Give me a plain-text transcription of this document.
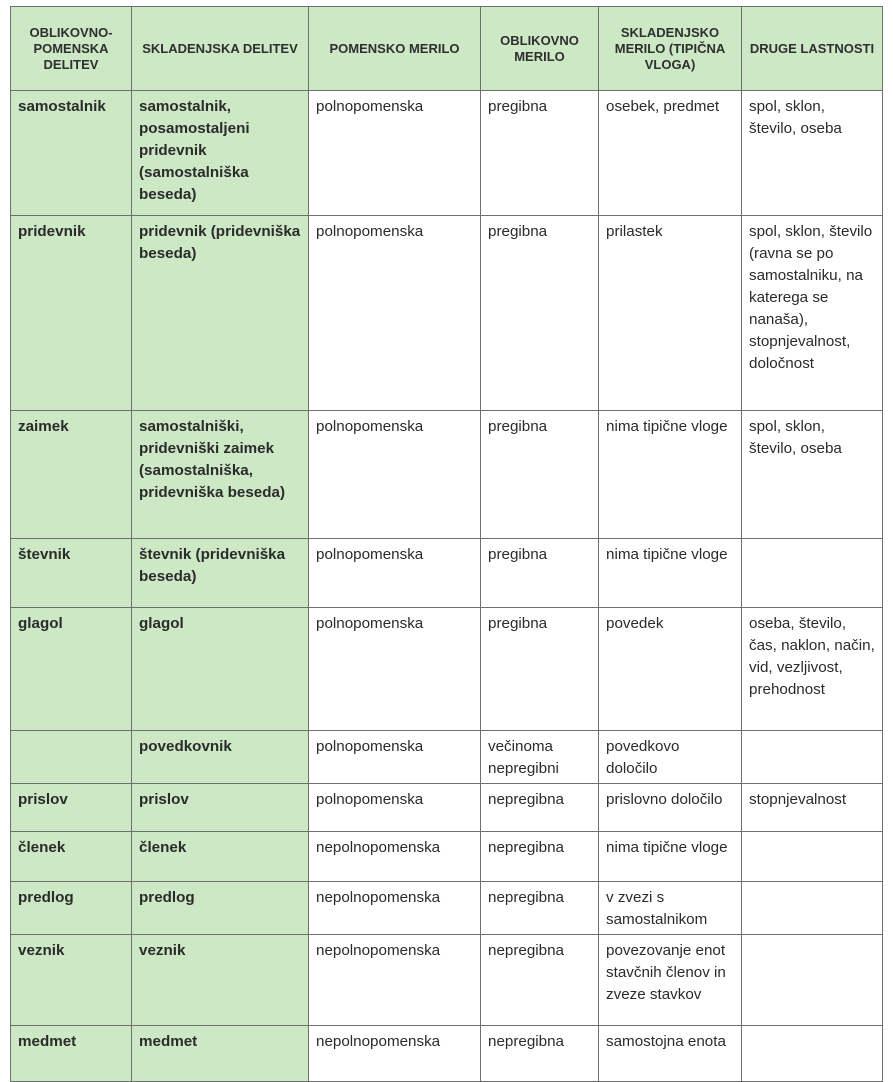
OBLIKOVNO-POMENSKA DELITEV	SKLADENJSKA DELITEV	POMENSKO MERILO	OBLIKOVNO MERILO	SKLADENJSKO MERILO (TIPIČNA VLOGA)	DRUGE LASTNOSTI
samostalnik	samostalnik, posamostaljeni pridevnik (samostalniška beseda)	polnopomenska	pregibna	osebek, predmet	spol, sklon, število, oseba
pridevnik	pridevnik (pridevniška beseda)	polnopomenska	pregibna	prilastek	spol, sklon, število (ravna se po samostalniku, na katerega se nanaša), stopnjevalnost, določnost
zaimek	samostalniški, pridevniški zaimek (samostalniška, pridevniška beseda)	polnopomenska	pregibna	nima tipične vloge	spol, sklon, število, oseba
števnik	števnik (pridevniška beseda)	polnopomenska	pregibna	nima tipične vloge	
glagol	glagol	polnopomenska	pregibna	povedek	oseba, število, čas, naklon, način, vid, vezljivost, prehodnost
	povedkovnik	polnopomenska	večinoma nepregibni	povedkovo določilo	
prislov	prislov	polnopomenska	nepregibna	prislovno določilo	stopnjevalnost
členek	členek	nepolnopomenska	nepregibna	nima tipične vloge	
predlog	predlog	nepolnopomenska	nepregibna	v zvezi s samostalnikom	
veznik	veznik	nepolnopomenska	nepregibna	povezovanje enot stavčnih členov in zveze stavkov	
medmet	medmet	nepolnopomenska	nepregibna	samostojna enota	
